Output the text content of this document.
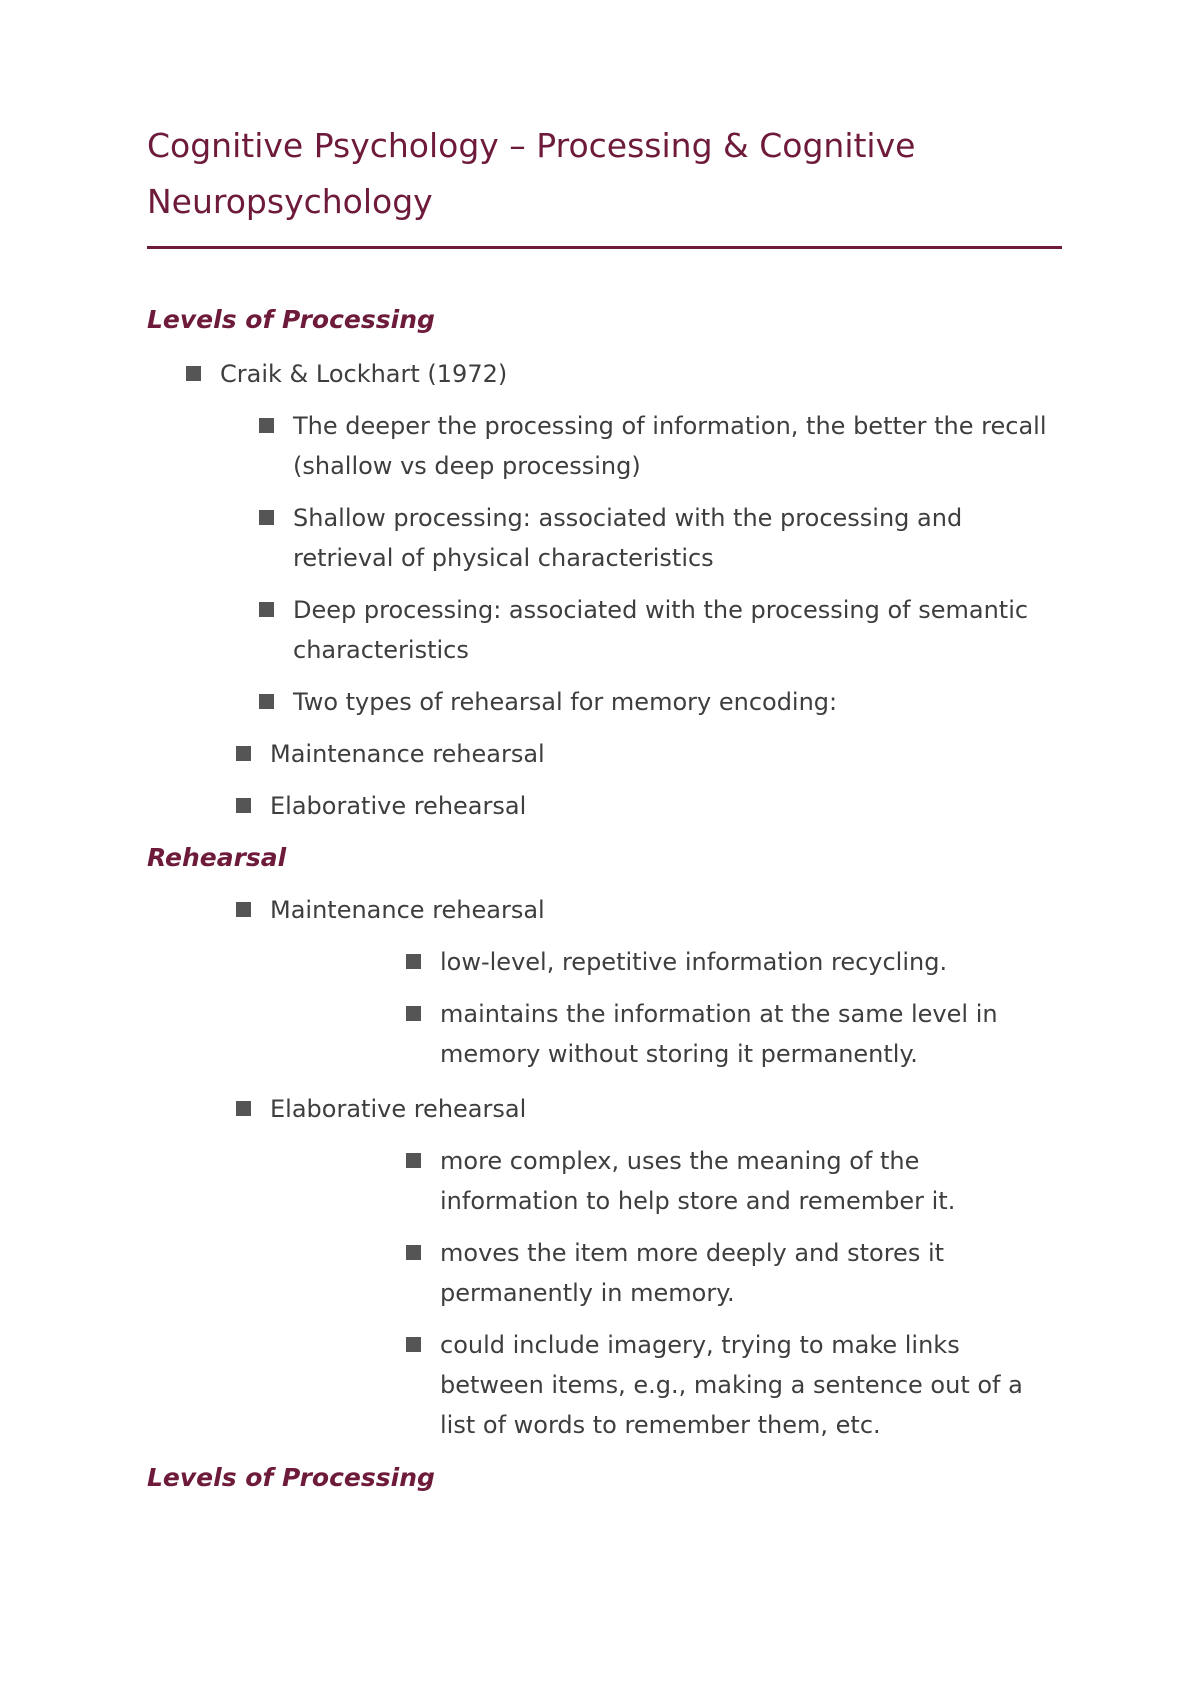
Cognitive Psychology – Processing & Cognitive Neuropsychology
Levels of Processing
Craik & Lockhart (1972)
The deeper the processing of information, the better the recall (shallow vs deep processing)
Shallow processing: associated with the processing and retrieval of physical characteristics
Deep processing: associated with the processing of semantic characteristics
Two types of rehearsal for memory encoding:
Maintenance rehearsal
Elaborative rehearsal
Rehearsal
Maintenance rehearsal
low-level, repetitive information recycling.
maintains the information at the same level in memory without storing it permanently.
Elaborative rehearsal
more complex, uses the meaning of the information to help store and remember it.
moves the item more deeply and stores it permanently in memory.
could include imagery, trying to make links between items, e.g., making a sentence out of a list of words to remember them, etc.
Levels of Processing
